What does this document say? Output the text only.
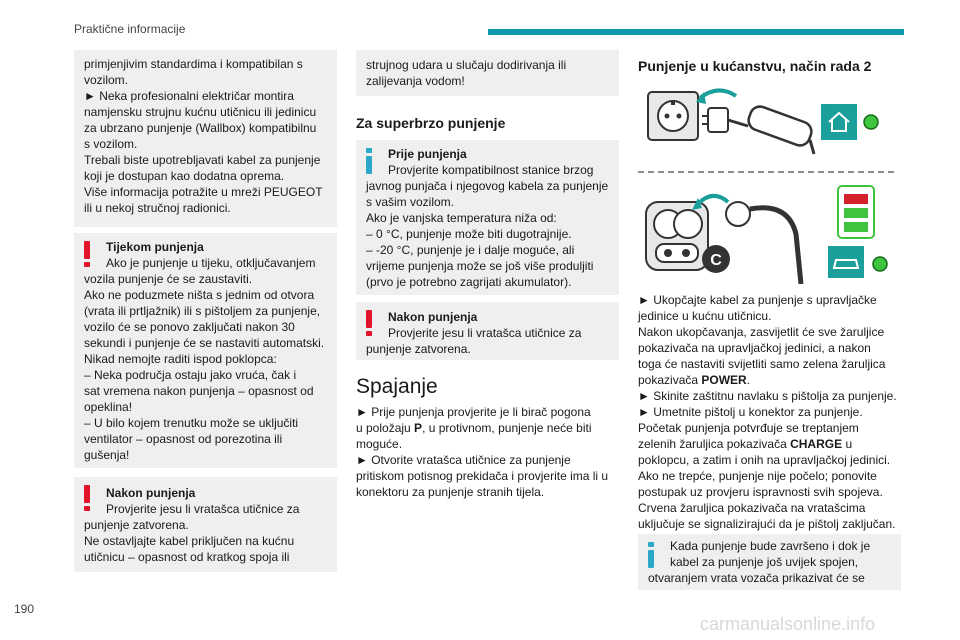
Praktične informacije

primjenjivim standardima i kompatibilan s

vozilom.

► Neka profesionalni električar montira

namjensku strujnu kućnu utičnicu ili jedinicu

za ubrzano punjenje (Wallbox) kompatibilnu

s vozilom.

Trebali biste upotrebljavati kabel za punjenje

koji je dostupan kao dodatna oprema.

Više informacija potražite u mreži PEUGEOT

ili u nekoj stručnoj radionici.

Tijekom punjenja

Ako je punjenje u tijeku, otključavanjem

vozila punjenje će se zaustaviti.

Ako ne poduzmete ništa s jednim od otvora

(vrata ili prtljažnik) ili s pištoljem za punjenje,

vozilo će se ponovo zaključati nakon 30

sekundi i punjenje će se nastaviti automatski.

Nikad nemojte raditi ispod poklopca:

– Neka područja ostaju jako vruća, čak i

sat vremena nakon punjenja – opasnost od

opeklina!

– U bilo kojem trenutku može se uključiti

ventilator – opasnost od porezotina ili

gušenja!

Nakon punjenja

Provjerite jesu li vratašca utičnice za

punjenje zatvorena.

Ne ostavljajte kabel priključen na kućnu

utičnicu – opasnost od kratkog spoja ili

strujnog udara u slučaju dodirivanja ili

zalijevanja vodom!

Za superbrzo punjenje
Prije punjenja

Provjerite kompatibilnost stanice brzog

javnog punjača i njegovog kabela za punjenje

s vašim vozilom.

Ako je vanjska temperatura niža od:

– 0 °C, punjenje može biti dugotrajnije.

– -20 °C, punjenje je i dalje moguće, ali

vrijeme punjenja može se još više produljiti

(prvo je potrebno zagrijati akumulator).

Nakon punjenja

Provjerite jesu li vratašca utičnice za

punjenje zatvorena.

Spajanje

► Prije punjenja provjerite je li birač pogona

u položaju P, u protivnom, punjenje neće biti

moguće.

► Otvorite vratašca utičnice za punjenje

pritiskom potisnog prekidača i provjerite ima li u

konektoru za punjenje stranih tijela.

Punjenje u kućanstvu, način rada 2
C

► Ukopčajte kabel za punjenje s upravljačke

jedinice u kućnu utičnicu.

Nakon ukopčavanja, zasvijetlit će sve žaruljice

pokazivača na upravljačkoj jedinici, a nakon

toga će nastaviti svijetliti samo zelena žaruljica

pokazivača POWER.

► Skinite zaštitnu navlaku s pištolja za punjenje.

► Umetnite pištolj u konektor za punjenje.

Početak punjenja potvrđuje se treptanjem

zelenih žaruljica pokazivača CHARGE u

poklopcu, a zatim i onih na upravljačkoj jedinici.

Ako ne trepće, punjenje nije počelo; ponovite

postupak uz provjeru ispravnosti svih spojeva.

Crvena žaruljica pokazivača na vratašcima

uključuje se signalizirajući da je pištolj zaključan.

Kada punjenje bude završeno i dok je

kabel za punjenje još uvijek spojen,

otvaranjem vrata vozača prikazivat će se

190
carmanualsonline.info
